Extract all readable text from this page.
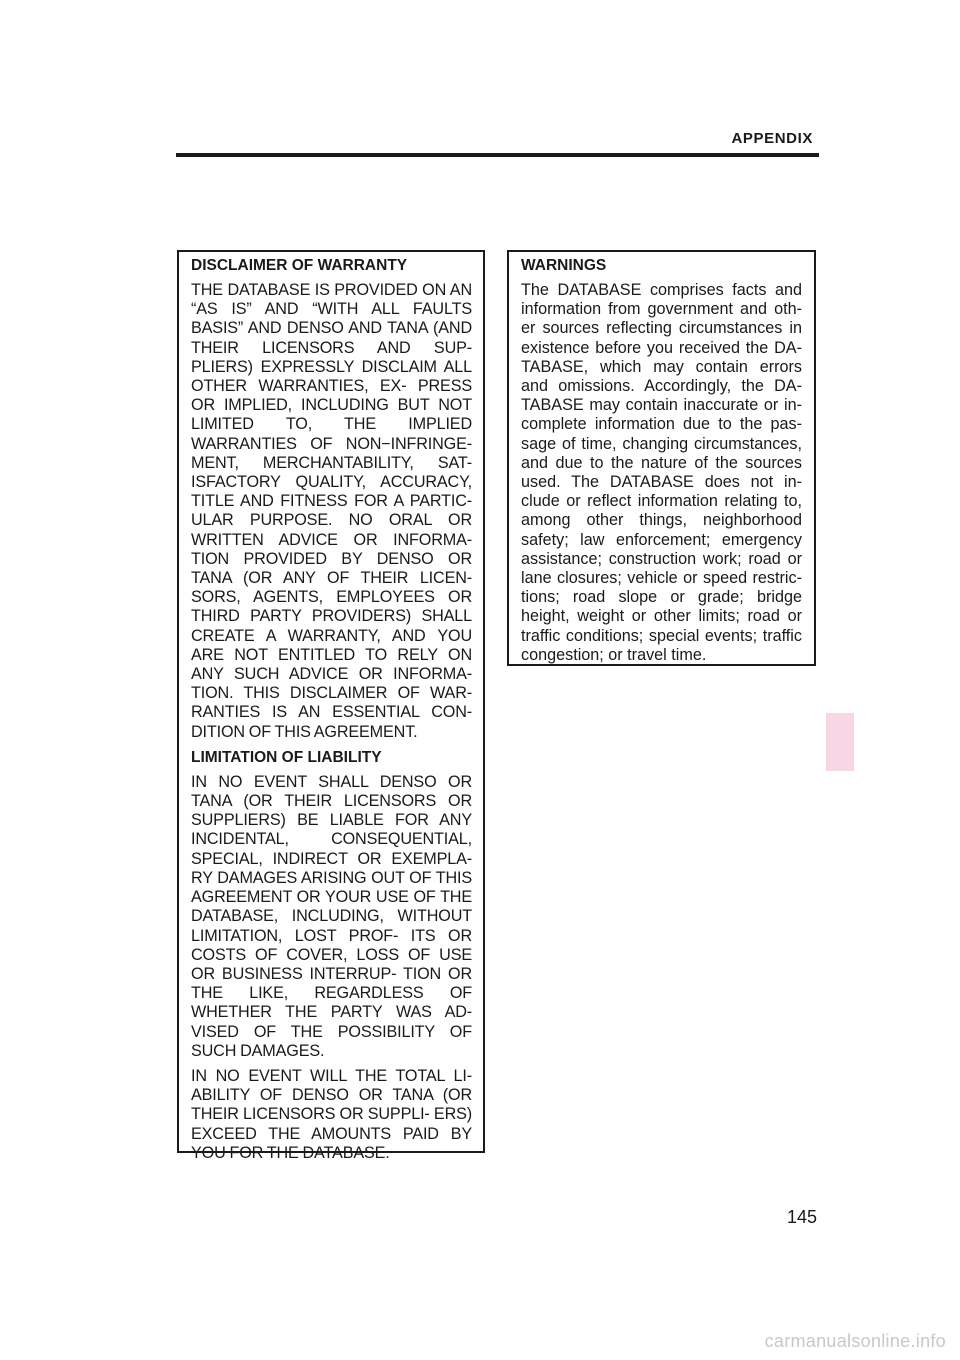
APPENDIX
DISCLAIMER OF WARRANTY
THE DATABASE IS PROVIDED ON AN “AS IS” AND “WITH ALL FAULTS BASIS” AND DENSO AND TANA (AND THEIR LICENSORS AND SUP- PLIERS) EXPRESSLY DISCLAIM ALL OTHER WARRANTIES, EX- PRESS OR IMPLIED, INCLUDING BUT NOT LIMITED TO, THE IMPLIED WARRANTIES OF NON−INFRINGE- MENT, MERCHANTABILITY, SAT- ISFACTORY QUALITY, ACCURACY, TITLE AND FITNESS FOR A PARTIC- ULAR PURPOSE. NO ORAL OR WRITTEN ADVICE OR INFORMA- TION PROVIDED BY DENSO OR TANA (OR ANY OF THEIR LICEN- SORS, AGENTS, EMPLOYEES OR THIRD PARTY PROVIDERS) SHALL CREATE A WARRANTY, AND YOU ARE NOT ENTITLED TO RELY ON ANY SUCH ADVICE OR INFORMA- TION. THIS DISCLAIMER OF WAR- RANTIES IS AN ESSENTIAL CON- DITION OF THIS AGREEMENT.
LIMITATION OF LIABILITY
IN NO EVENT SHALL DENSO OR TANA (OR THEIR LICENSORS OR SUPPLIERS) BE LIABLE FOR ANY INCIDENTAL, CONSEQUENTIAL, SPECIAL, INDIRECT OR EXEMPLA- RY DAMAGES ARISING OUT OF THIS AGREEMENT OR YOUR USE OF THE DATABASE, INCLUDING, WITHOUT LIMITATION, LOST PROF- ITS OR COSTS OF COVER, LOSS OF USE OR BUSINESS INTERRUP- TION OR THE LIKE, REGARDLESS OF WHETHER THE PARTY WAS AD- VISED OF THE POSSIBILITY OF SUCH DAMAGES.
IN NO EVENT WILL THE TOTAL LI- ABILITY OF DENSO OR TANA (OR THEIR LICENSORS OR SUPPLI- ERS) EXCEED THE AMOUNTS PAID BY YOU FOR THE DATABASE.
WARNINGS
The DATABASE comprises facts and information from government and oth- er sources reflecting circumstances in existence before you received the DA- TABASE, which may contain errors and omissions. Accordingly, the DA- TABASE may contain inaccurate or in- complete information due to the pas- sage of time, changing circumstances, and due to the nature of the sources used. The DATABASE does not in- clude or reflect information relating to, among other things, neighborhood safety; law enforcement; emergency assistance; construction work; road or lane closures; vehicle or speed restric- tions; road slope or grade; bridge height, weight or other limits; road or traffic conditions; special events; traffic congestion; or travel time.
145
carmanualsonline.info
